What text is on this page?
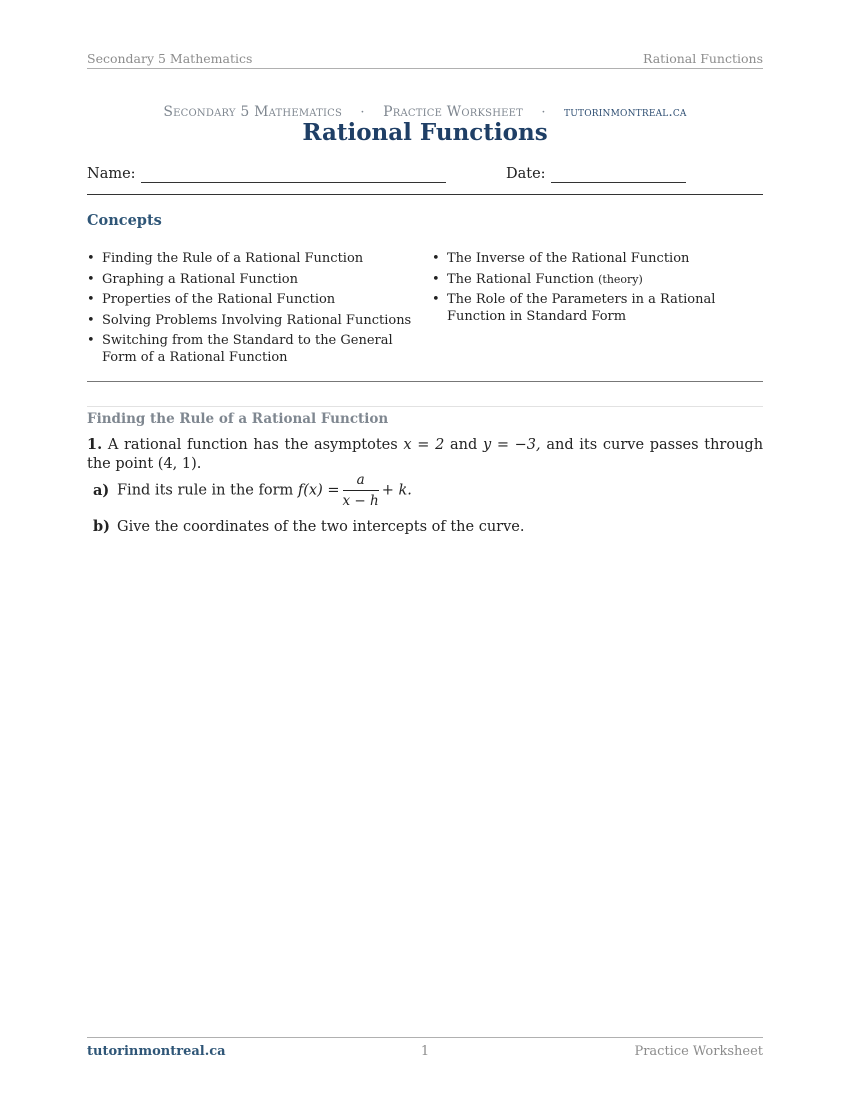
Secondary 5 Mathematics	Rational Functions
Secondary 5 Mathematics · Practice Worksheet · tutorinmontreal.ca
Rational Functions
Name:	Date:
Concepts
• Finding the Rule of a Rational Function
• Graphing a Rational Function
• Properties of the Rational Function
• Solving Problems Involving Rational Functions
• Switching from the Standard to the General Form of a Rational Function
• The Inverse of the Rational Function
• The Rational Function (theory)
• The Role of the Parameters in a Rational Function in Standard Form
Finding the Rule of a Rational Function
1. A rational function has the asymptotes x = 2 and y = −3, and its curve passes through the point (4, 1).
a) Find its rule in the form $f(x) = \frac{a}{x - h} + k$.
b) Give the coordinates of the two intercepts of the curve.
tutorinmontreal.ca	1	Practice Worksheet
